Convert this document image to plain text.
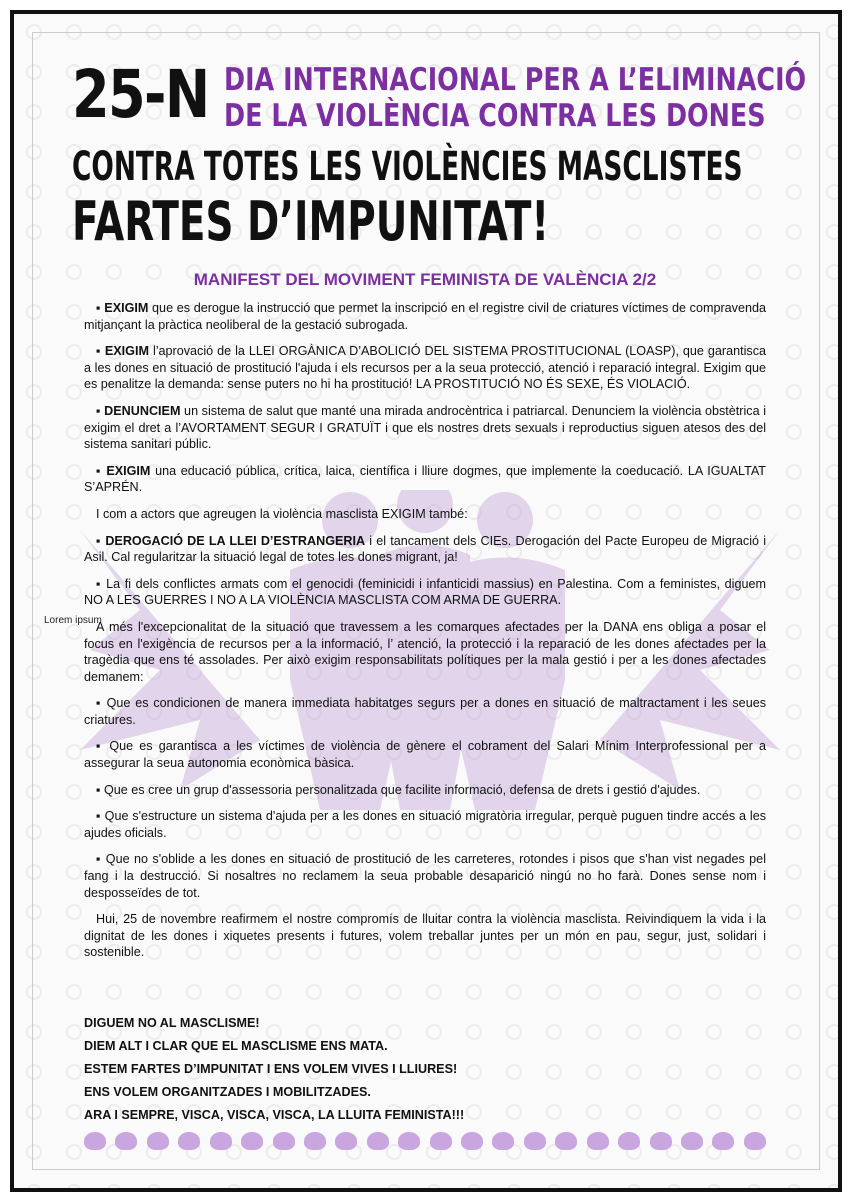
25-N DIA INTERNACIONAL PER A L’ELIMINACIÓ
DE LA VIOLÈNCIA CONTRA LES DONES
CONTRA TOTES LES VIOLÈNCIES MASCLISTES
FARTES D’IMPUNITAT!
MANIFEST DEL MOVIMENT FEMINISTA DE VALÈNCIA 2/2
Lorem ipsum

▪ EXIGIM que es derogue la instrucció que permet la inscripció en el registre civil de criatures víctimes de compravenda mitjançant la pràctica neoliberal de la gestació subrogada.

▪ EXIGIM l’aprovació de la LLEI ORGÀNICA D’ABOLICIÓ DEL SISTEMA PROSTITUCIONAL (LOASP), que garantisca a les dones en situació de prostitució l'ajuda i els recursos per a la seua protecció, atenció i reparació integral. Exigim que es penalitze la demanda: sense puters no hi ha prostitució! LA PROSTITUCIÓ NO ÉS SEXE, ÉS VIOLACIÓ.

▪ DENUNCIEM un sistema de salut que manté una mirada androcèntrica i patriarcal. Denunciem la violència obstètrica i exigim el dret a l’AVORTAMENT SEGUR I GRATUÏT i que els nostres drets sexuals i reproductius siguen atesos des del sistema sanitari públic.

▪ EXIGIM una educació pública, crítica, laica, científica i lliure dogmes, que implemente la coeducació. LA IGUALTAT S’APRÉN.

I com a actors que agreugen la violència masclista EXIGIM també:

▪ DEROGACIÓ DE LA LLEI D’ESTRANGERIA i el tancament dels CIEs. Derogación del Pacte Europeu de Migració i Asil. Cal regularitzar la situació legal de totes les dones migrant, ja!

▪ La fi dels conflictes armats com el genocidi (feminicidi i infanticidi massius) en Palestina. Com a feministes, diguem NO A LES GUERRES I NO A LA VIOLÈNCIA MASCLISTA COM ARMA DE GUERRA.

A més l'excepcionalitat de la situació que travessem a les comarques afectades per la DANA ens obliga a posar el focus en l'exigència de recursos per a la informació, l’ atenció, la protecció i la reparació de les dones afectades per la tragèdia que ens té assolades. Per això exigim responsabilitats polítiques per la mala gestió i per a les dones afectades demanem:

▪ Que es condicionen de manera immediata habitatges segurs per a dones en situació de maltractament i les seues criatures.

▪ Que es garantisca a les víctimes de violència de gènere el cobrament del Salari Mínim Interprofessional per a assegurar la seua autonomia econòmica bàsica.

▪ Que es cree un grup d'assessoria personalitzada que facilite informació, defensa de drets i gestió d'ajudes.

▪ Que s'estructure un sistema d'ajuda per a les dones en situació migratòria irregular, perquè puguen tindre accés a les ajudes oficials.

▪ Que no s'oblide a les dones en situació de prostitució de les carreteres, rotondes i pisos que s'han vist negades pel fang i la destrucció. Si nosaltres no reclamem la seua probable desaparició ningú no ho farà. Dones sense nom i desposseïdes de tot.

Hui, 25 de novembre reafirmem el nostre compromís de lluitar contra la violència masclista. Reivindiquem la vida i la dignitat de les dones i xiquetes presents i futures, volem treballar juntes per un món en pau, segur, just, solidari i sostenible.

DIGUEM NO AL MASCLISME!
DIEM ALT I CLAR QUE EL MASCLISME ENS MATA.
ESTEM FARTES D’IMPUNITAT I ENS VOLEM VIVES I LLIURES!
ENS VOLEM ORGANITZADES I MOBILITZADES.
ARA I SEMPRE, VISCA, VISCA, VISCA, LA LLUITA FEMINISTA!!!
